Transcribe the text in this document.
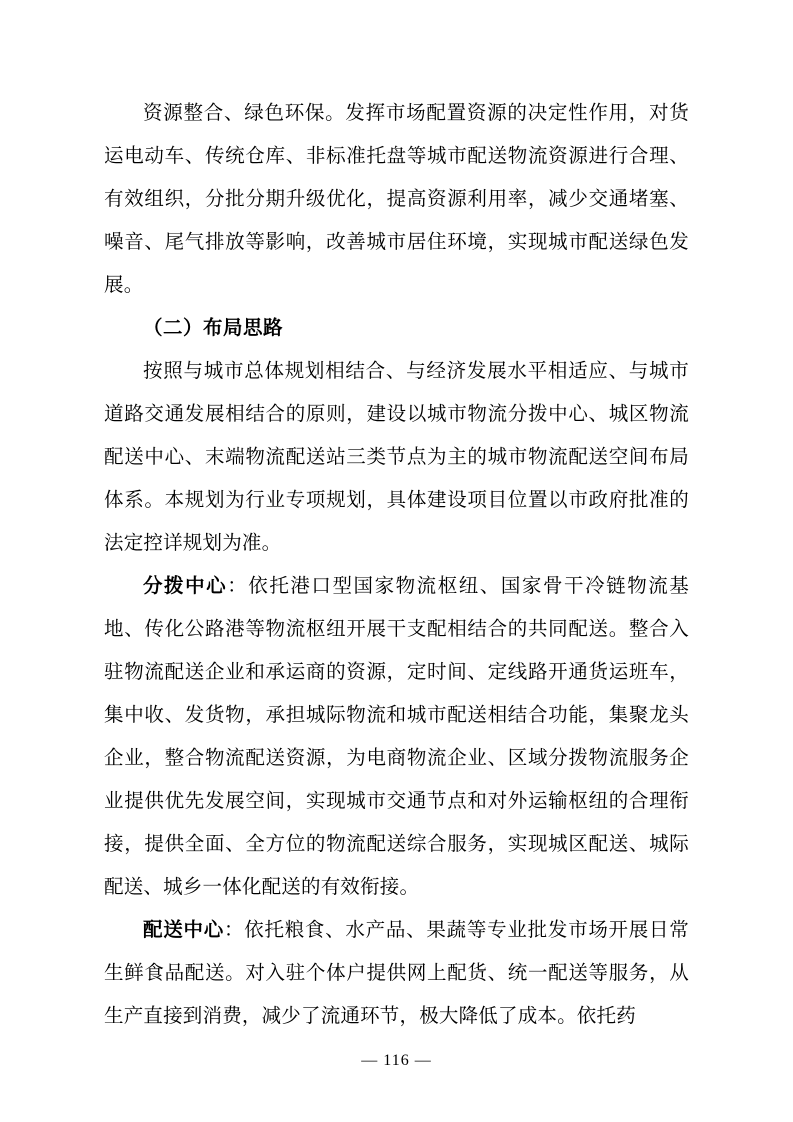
资源整合、绿色环保。发挥市场配置资源的决定性作用，对货运电动车、传统仓库、非标准托盘等城市配送物流资源进行合理、有效组织，分批分期升级优化，提高资源利用率，减少交通堵塞、噪音、尾气排放等影响，改善城市居住环境，实现城市配送绿色发展。

（二）布局思路

按照与城市总体规划相结合、与经济发展水平相适应、与城市道路交通发展相结合的原则，建设以城市物流分拨中心、城区物流配送中心、末端物流配送站三类节点为主的城市物流配送空间布局体系。本规划为行业专项规划，具体建设项目位置以市政府批准的法定控详规划为准。

分拨中心：依托港口型国家物流枢纽、国家骨干冷链物流基地、传化公路港等物流枢纽开展干支配相结合的共同配送。整合入驻物流配送企业和承运商的资源，定时间、定线路开通货运班车，集中收、发货物，承担城际物流和城市配送相结合功能，集聚龙头企业，整合物流配送资源，为电商物流企业、区域分拨物流服务企业提供优先发展空间，实现城市交通节点和对外运输枢纽的合理衔接，提供全面、全方位的物流配送综合服务，实现城区配送、城际配送、城乡一体化配送的有效衔接。

配送中心：依托粮食、水产品、果蔬等专业批发市场开展日常生鲜食品配送。对入驻个体户提供网上配货、统一配送等服务，从生产直接到消费，减少了流通环节，极大降低了成本。依托药

— 116 —
